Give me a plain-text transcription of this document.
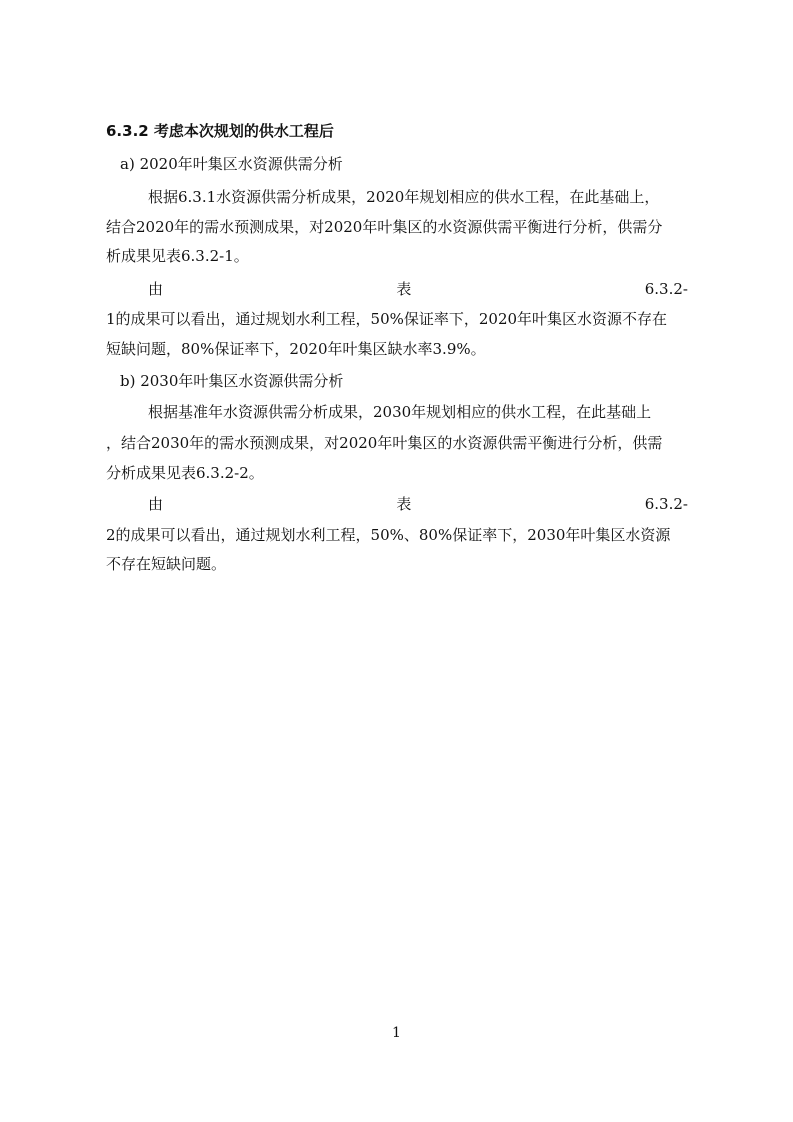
6.3.2 考虑本次规划的供水工程后
a) 2020年叶集区水资源供需分析
根据6.3.1水资源供需分析成果，2020年规划相应的供水工程，在此基础上，
结合2020年的需水预测成果，对2020年叶集区的水资源供需平衡进行分析，供需分
析成果见表6.3.2-1。
由	表	6.3.2-
1的成果可以看出，通过规划水利工程，50%保证率下，2020年叶集区水资源不存在
短缺问题，80%保证率下，2020年叶集区缺水率3.9%。
b) 2030年叶集区水资源供需分析
根据基准年水资源供需分析成果，2030年规划相应的供水工程，在此基础上
，结合2030年的需水预测成果，对2020年叶集区的水资源供需平衡进行分析，供需
分析成果见表6.3.2-2。
由	表	6.3.2-
2的成果可以看出，通过规划水利工程，50%、80%保证率下，2030年叶集区水资源
不存在短缺问题。
1
